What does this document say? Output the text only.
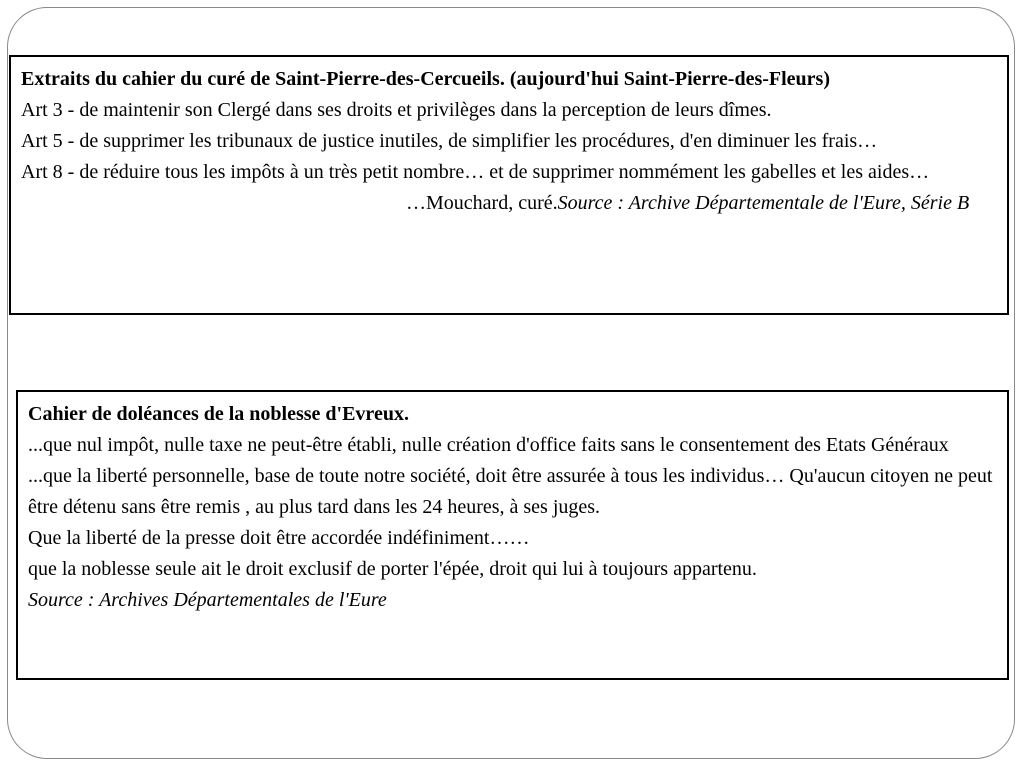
Extraits du cahier du curé de Saint-Pierre-des-Cercueils. (aujourd'hui Saint-Pierre-des-Fleurs)

Art 3 - de maintenir son Clergé dans ses droits et privilèges dans la perception de leurs dîmes.

Art 5 - de supprimer les tribunaux de justice inutiles, de simplifier les procédures, d'en diminuer les frais…

Art 8 - de réduire tous les impôts à un très petit nombre… et de supprimer nommément les gabelles et les aides…

…Mouchard, curé.Source : Archive Départementale de l'Eure, Série B

Cahier de doléances de la noblesse d'Evreux.

...que nul impôt, nulle taxe ne peut-être établi, nulle création d'office faits sans le consentement des Etats Généraux

...que la liberté personnelle, base de toute notre société, doit être assurée à tous les individus… Qu'aucun citoyen ne peut être détenu sans être remis , au plus tard dans les 24 heures, à ses juges.

Que la liberté de la presse doit être accordée indéfiniment……

que la noblesse seule ait le droit exclusif de porter l'épée, droit qui lui à toujours appartenu.

Source : Archives Départementales de l'Eure
